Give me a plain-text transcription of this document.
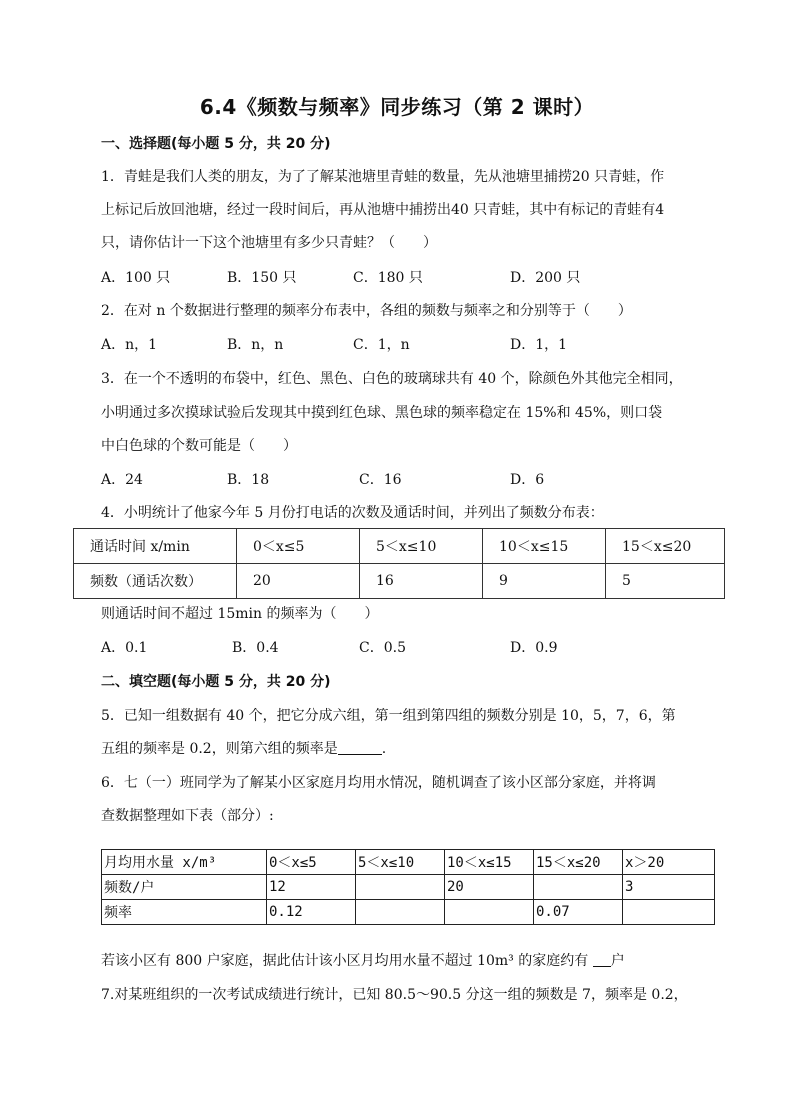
6.4《频数与频率》同步练习（第 2 课时）
一、选择题(每小题 5 分，共 20 分)
1．青蛙是我们人类的朋友，为了了解某池塘里青蛙的数量，先从池塘里捕捞20 只青蛙，作
上标记后放回池塘，经过一段时间后，再从池塘中捕捞出40 只青蛙，其中有标记的青蛙有4
只，请你估计一下这个池塘里有多少只青蛙？（　　）
A．100 只	B．150 只	C．180 只	D．200 只
2．在对 n 个数据进行整理的频率分布表中，各组的频数与频率之和分别等于（　　）
A．n，1	B．n，n	C．1，n	D．1，1
3．在一个不透明的布袋中，红色、黑色、白色的玻璃球共有 40 个，除颜色外其他完全相同，
小明通过多次摸球试验后发现其中摸到红色球、黑色球的频率稳定在 15%和 45%，则口袋
中白色球的个数可能是（　　）
A．24	B．18	C．16	D．6
4．小明统计了他家今年 5 月份打电话的次数及通话时间，并列出了频数分布表：
通话时间 x/min	0＜x≤5	5＜x≤10	10＜x≤15	15＜x≤20
频数（通话次数）	20	16	9	5
则通话时间不超过 15min 的频率为（　　）
A．0.1	B．0.4	C．0.5	D．0.9
二、填空题(每小题 5 分，共 20 分)
5．已知一组数据有 40 个，把它分成六组，第一组到第四组的频数分别是 10，5，7，6，第
五组的频率是 0.2，则第六组的频率是	.
6．七（一）班同学为了解某小区家庭月均用水情况，随机调查了该小区部分家庭，并将调
查数据整理如下表（部分）:
月均用水量 x/m³	0＜x≤5	5＜x≤10	10＜x≤15	15＜x≤20	x＞20
频数/户	12		20		3
频率	0.12			0.07	
若该小区有 800 户家庭，据此估计该小区月均用水量不超过 10m³ 的家庭约有 户
7.对某班组织的一次考试成绩进行统计，已知 80.5～90.5 分这一组的频数是 7，频率是 0.2，
